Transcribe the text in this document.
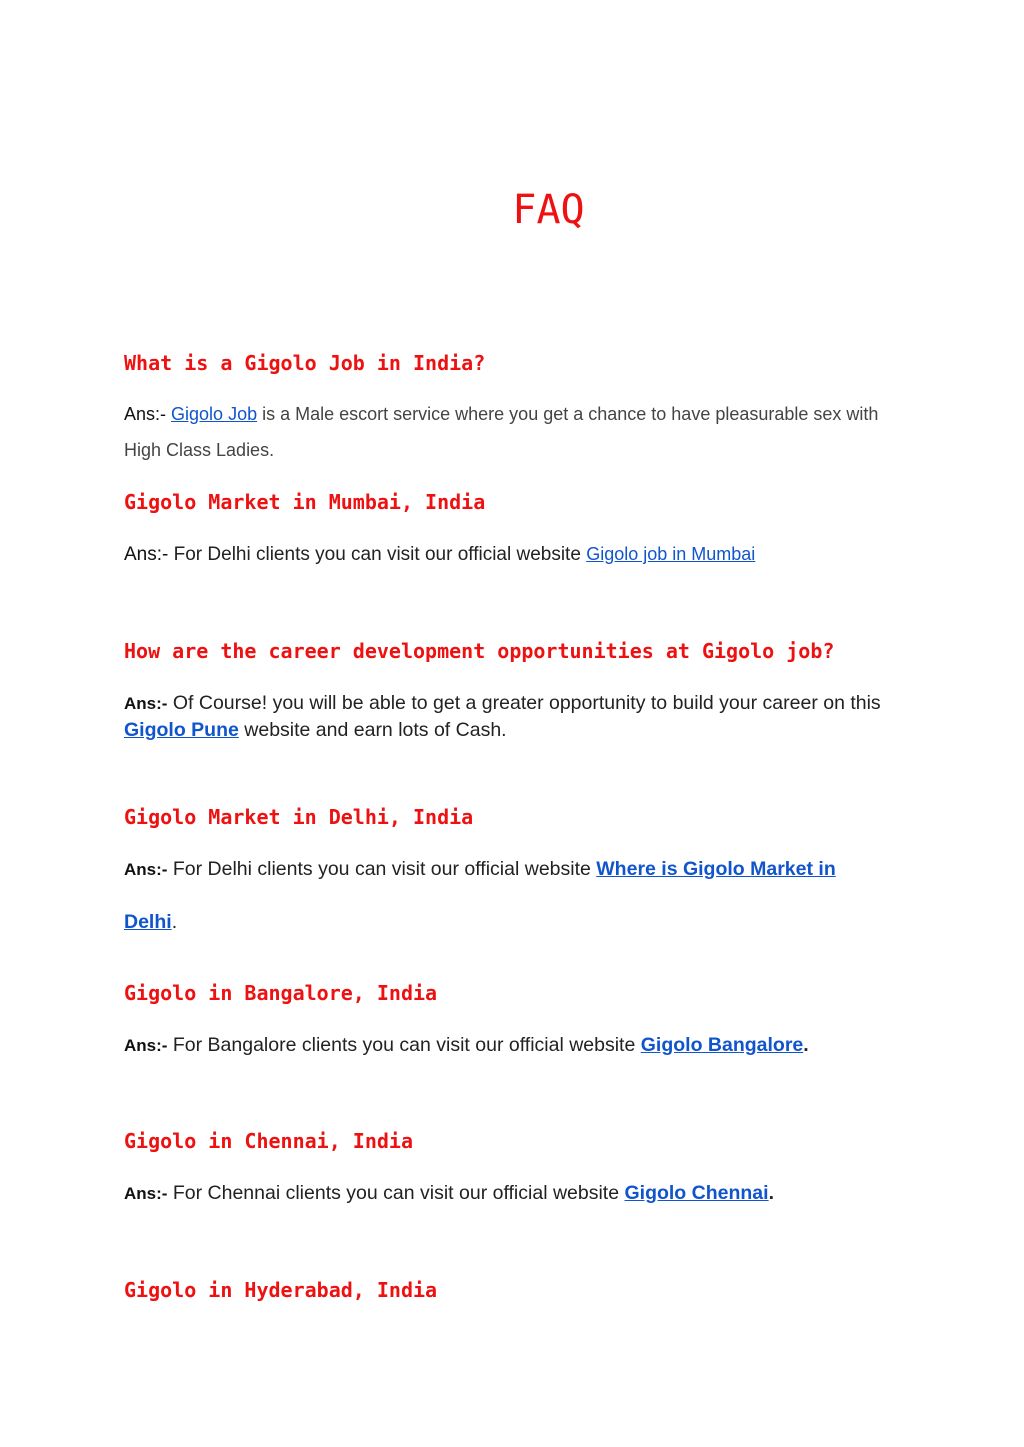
FAQ
What is a Gigolo Job in India?

Ans:- Gigolo Job is a Male escort service where you get a chance to have pleasurable sex with High Class Ladies.

Gigolo Market in Mumbai, India

Ans:- For Delhi clients you can visit our official website Gigolo job in Mumbai

How are the career development opportunities at Gigolo job?

Ans:- Of Course! you will be able to get a greater opportunity to build your career on this Gigolo Pune website and earn lots of Cash.

Gigolo Market in Delhi, India

Ans:- For Delhi clients you can visit our official website Where is Gigolo Market in Delhi.

Gigolo in Bangalore, India

Ans:- For Bangalore clients you can visit our official website Gigolo Bangalore.

Gigolo in Chennai, India

Ans:- For Chennai clients you can visit our official website Gigolo Chennai.

Gigolo in Hyderabad, India
